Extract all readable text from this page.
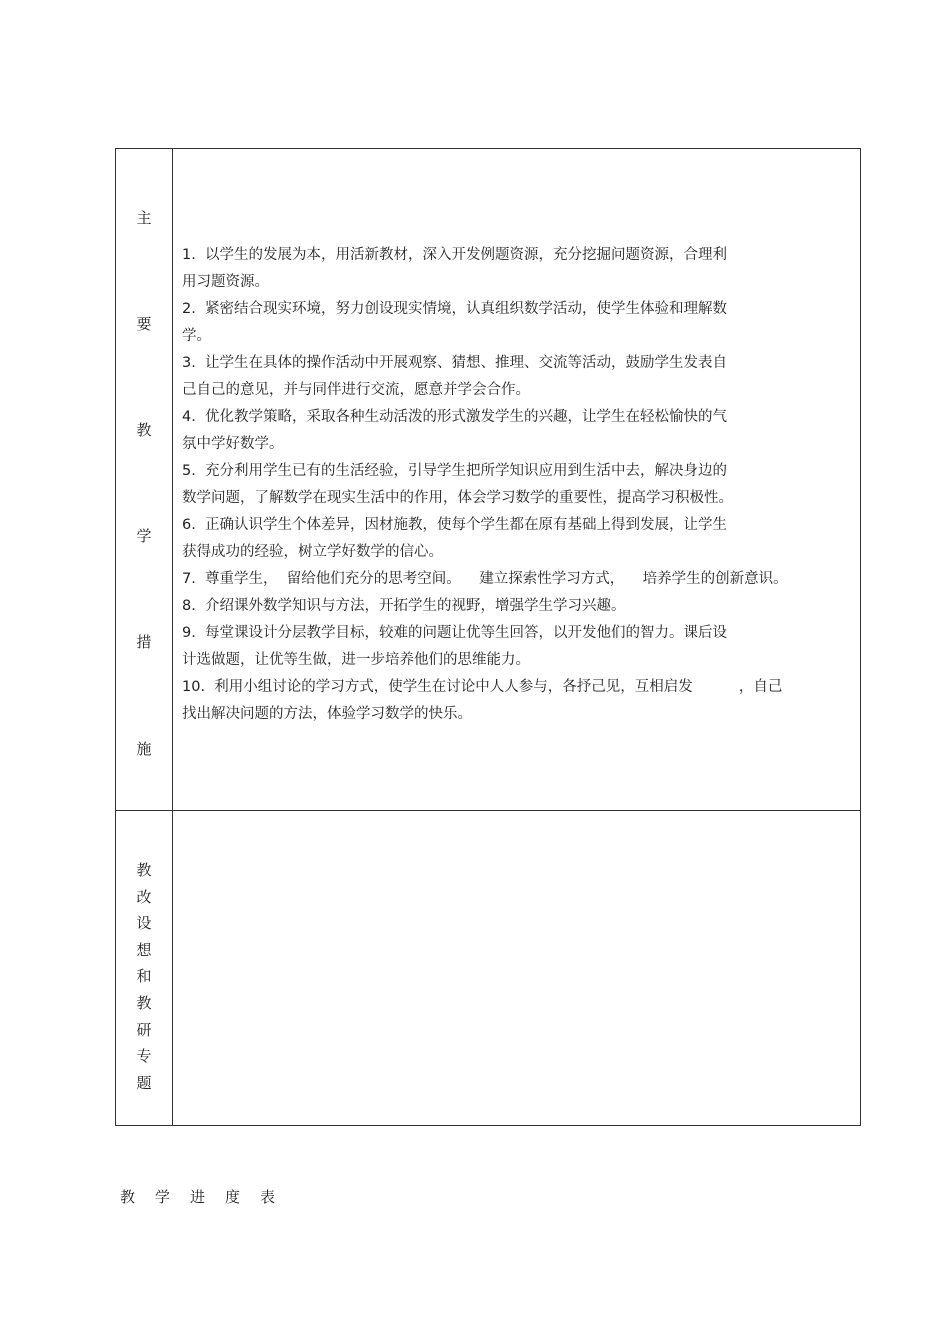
主
要
教
学
措
施
1.  以学生的发展为本，用活新教材，深入开发例题资源，充分挖掘问题资源，合理利
用习题资源。
2.  紧密结合现实环境，努力创设现实情境，认真组织数学活动，使学生体验和理解数
学。
3.  让学生在具体的操作活动中开展观察、猜想、推理、交流等活动，鼓励学生发表自
己自己的意见，并与同伴进行交流，愿意并学会合作。
4.  优化教学策略，采取各种生动活泼的形式激发学生的兴趣，让学生在轻松愉快的气
氛中学好数学。
5.  充分利用学生已有的生活经验，引导学生把所学知识应用到生活中去，解决身边的
数学问题，了解数学在现实生活中的作用，体会学习数学的重要性，提高学习积极性。
6.  正确认识学生个体差异，因材施教，使每个学生都在原有基础上得到发展，让学生
获得成功的经验，树立学好数学的信心。
7.  尊重学生，  留给他们充分的思考空间。    建立探索性学习方式，    培养学生的创新意识。
8.  介绍课外数学知识与方法，开拓学生的视野，增强学生学习兴趣。
9.  每堂课设计分层教学目标，较难的问题让优等生回答，以开发他们的智力。课后设
计选做题，让优等生做，进一步培养他们的思维能力。
10.  利用小组讨论的学习方式，使学生在讨论中人人参与，各抒己见，互相启发          ，自己
找出解决问题的方法，体验学习数学的快乐。
教
改
设
想
和
教
研
专
题
教学进度表
